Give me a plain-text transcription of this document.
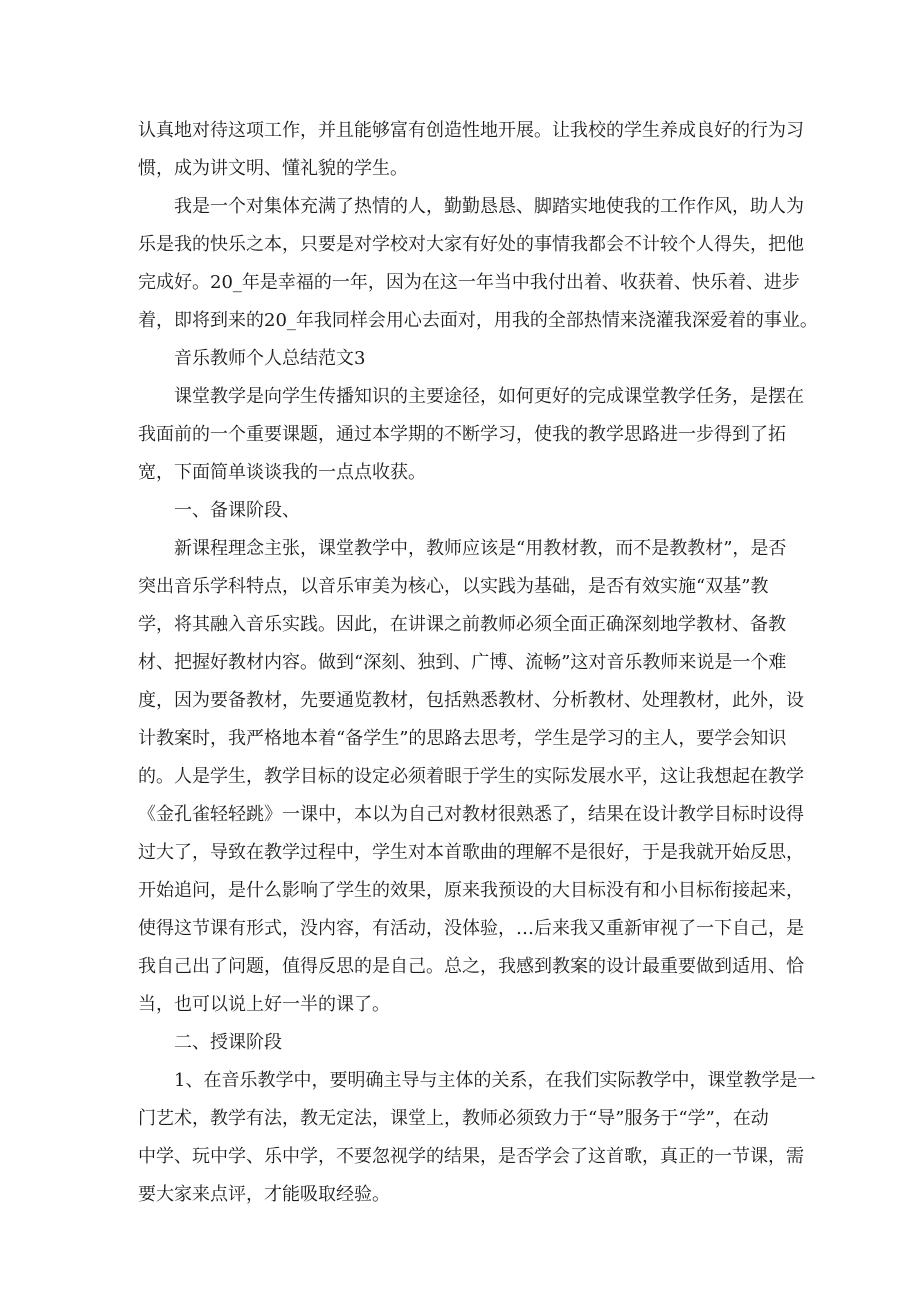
认真地对待这项工作，并且能够富有创造性地开展。让我校的学生养成良好的行为习
惯，成为讲文明、懂礼貌的学生。
我是一个对集体充满了热情的人，勤勤恳恳、脚踏实地使我的工作作风，助人为
乐是我的快乐之本，只要是对学校对大家有好处的事情我都会不计较个人得失，把他
完成好。20_年是幸福的一年，因为在这一年当中我付出着、收获着、快乐着、进步
着，即将到来的20_年我同样会用心去面对，用我的全部热情来浇灌我深爱着的事业。
音乐教师个人总结范文3
课堂教学是向学生传播知识的主要途径，如何更好的完成课堂教学任务，是摆在
我面前的一个重要课题，通过本学期的不断学习，使我的教学思路进一步得到了拓
宽，下面简单谈谈我的一点点收获。
一、备课阶段、
新课程理念主张，课堂教学中，教师应该是“用教材教，而不是教教材”，是否
突出音乐学科特点，以音乐审美为核心，以实践为基础，是否有效实施“双基”教
学，将其融入音乐实践。因此，在讲课之前教师必须全面正确深刻地学教材、备教
材、把握好教材内容。做到“深刻、独到、广博、流畅”这对音乐教师来说是一个难
度，因为要备教材，先要通览教材，包括熟悉教材、分析教材、处理教材，此外，设
计教案时，我严格地本着“备学生”的思路去思考，学生是学习的主人，要学会知识
的。人是学生，教学目标的设定必须着眼于学生的实际发展水平，这让我想起在教学
《金孔雀轻轻跳》一课中，本以为自己对教材很熟悉了，结果在设计教学目标时设得
过大了，导致在教学过程中，学生对本首歌曲的理解不是很好，于是我就开始反思，
开始追问，是什么影响了学生的效果，原来我预设的大目标没有和小目标衔接起来，
使得这节课有形式，没内容，有活动，没体验，…后来我又重新审视了一下自己，是
我自己出了问题，值得反思的是自己。总之，我感到教案的设计最重要做到适用、恰
当，也可以说上好一半的课了。
二、授课阶段
1、在音乐教学中，要明确主导与主体的关系，在我们实际教学中，课堂教学是一
门艺术，教学有法，教无定法，课堂上，教师必须致力于“导”服务于“学”，在动
中学、玩中学、乐中学，不要忽视学的结果，是否学会了这首歌，真正的一节课，需
要大家来点评，才能吸取经验。
